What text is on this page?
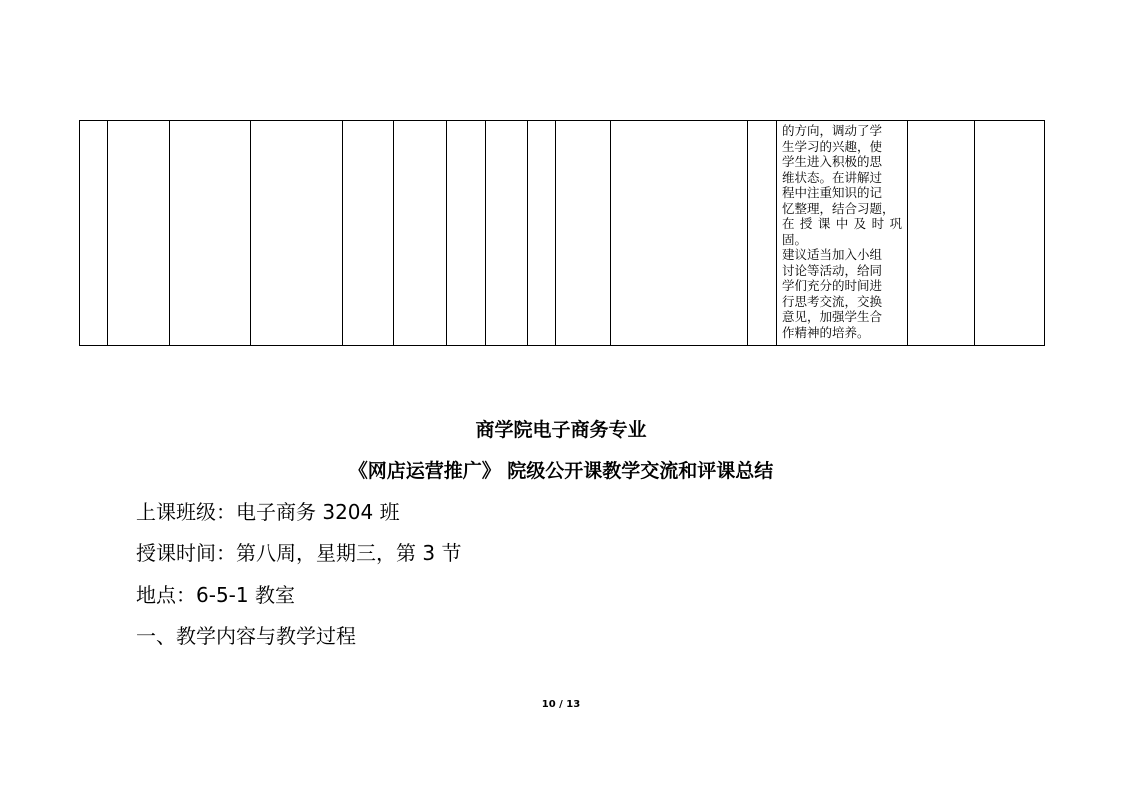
的方向，调动了学
生学习的兴趣，使
学生进入积极的思
维状态。在讲解过
程中注重知识的记
忆整理，结合习题，
在授课中及时巩
固。
建议适当加入小组
讨论等活动，给同
学们充分的时间进
行思考交流，交换
意见，加强学生合
作精神的培养。

商学院电子商务专业
《网店运营推广》 院级公开课教学交流和评课总结
上课班级：电子商务 3204 班
授课时间：第八周，星期三，第 3 节
地点：6-5-1 教室
一、教学内容与教学过程
10 / 13
